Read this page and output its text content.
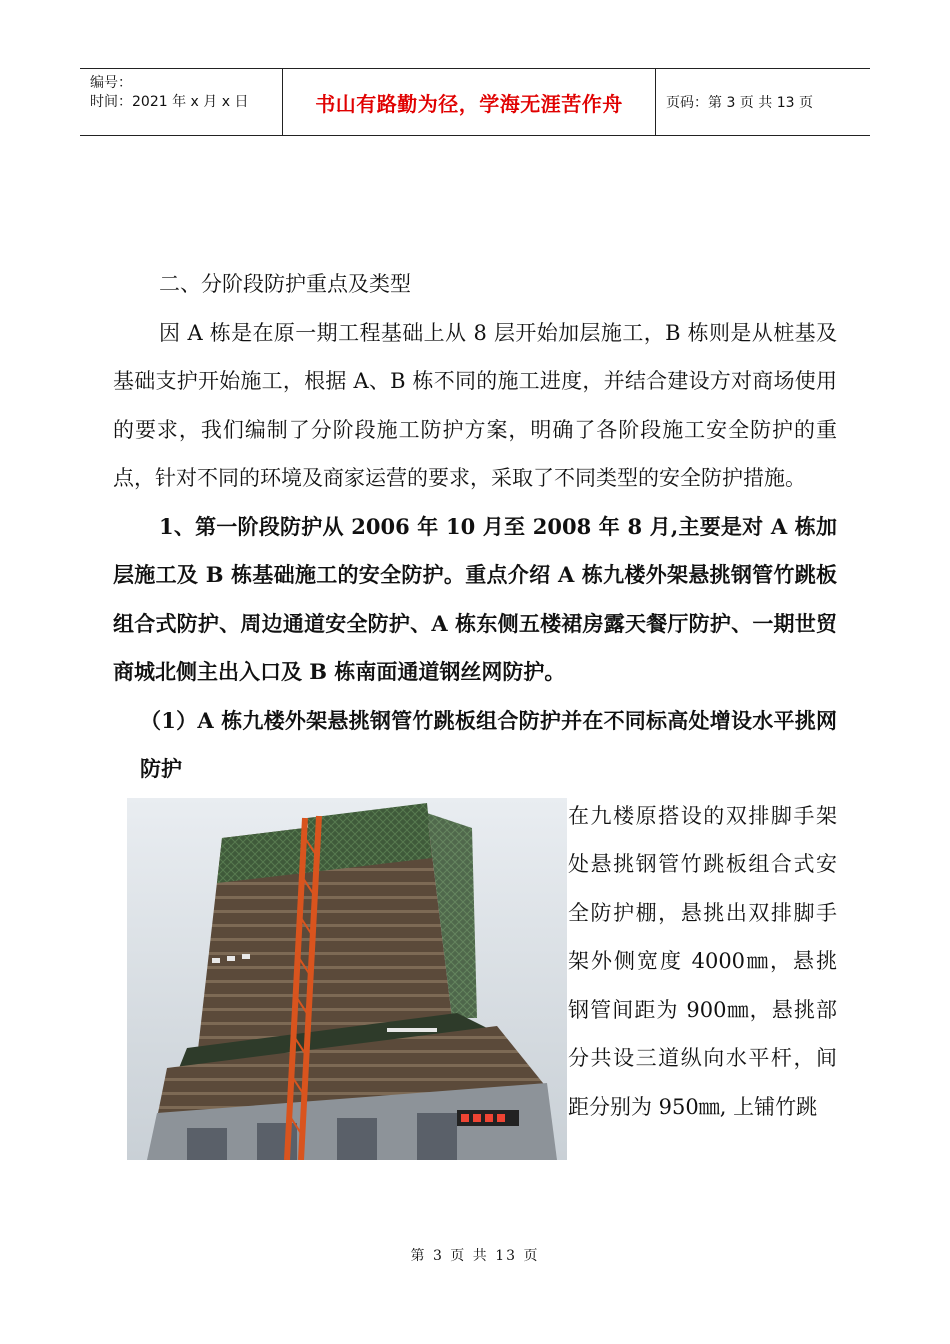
编号：
时间：2021 年 x 月 x 日	书山有路勤为径，学海无涯苦作舟	页码：第 3 页 共 13 页

二、分阶段防护重点及类型

因 A 栋是在原一期工程基础上从 8 层开始加层施工，B 栋则是从桩基及基础支护开始施工，根据 A、B 栋不同的施工进度，并结合建设方对商场使用的要求，我们编制了分阶段施工防护方案，明确了各阶段施工安全防护的重点，针对不同的环境及商家运营的要求，采取了不同类型的安全防护措施。

1、第一阶段防护从 2006 年 10 月至 2008 年 8 月,主要是对 A 栋加层施工及 B 栋基础施工的安全防护。重点介绍 A 栋九楼外架悬挑钢管竹跳板组合式防护、周边通道安全防护、A 栋东侧五楼裙房露天餐厅防护、一期世贸商城北侧主出入口及 B 栋南面通道钢丝网防护。

（1）A 栋九楼外架悬挑钢管竹跳板组合防护并在不同标高处增设水平挑网防护

在九楼原搭设的双排脚手架处悬挑钢管竹跳板组合式安全防护棚，悬挑出双排脚手架外侧宽度 4000㎜，悬挑钢管间距为 900㎜，悬挑部分共设三道纵向水平杆，间距分别为 950㎜, 上铺竹跳
第 3 页 共 13 页
